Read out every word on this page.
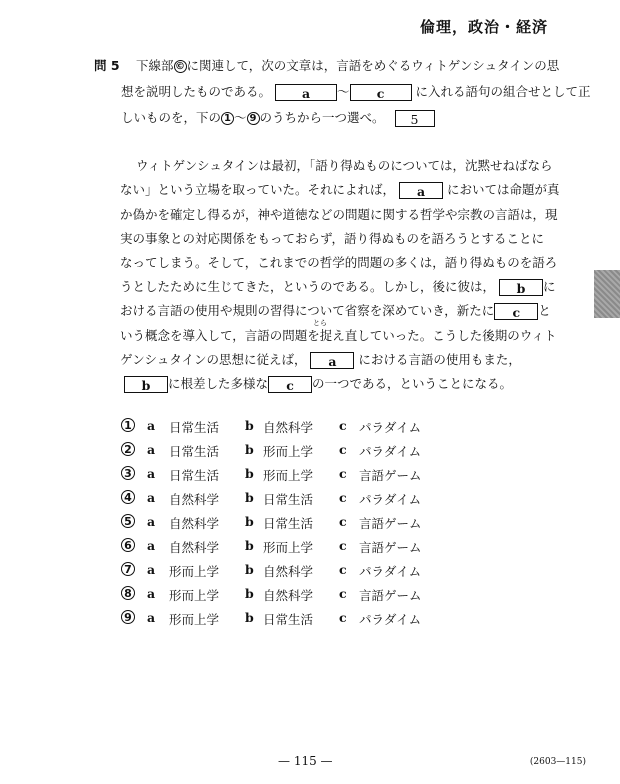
倫理，政治・経済
問 5 下線部 © に関連して，次の文章は，言語をめぐるウィトゲンシュタインの思
想を説明したものである。 a ～ c に入れる語句の組合せとして正
しいものを，下の 1 ～ 9 のうちから一つ選べ。 5
ウィトゲンシュタインは最初，「語り得ぬものについては，沈黙せねばなら
ない」という立場を取っていた。それによれば， a においては命題が真
か偽かを確定し得るが，神や道徳などの問題に関する哲学や宗教の言語は，現
実の事象との対応関係をもっておらず，語り得ぬものを語ろうとすることに
なってしまう。そして，これまでの哲学的問題の多くは，語り得ぬものを語ろ
うとしたために生じてきた，というのである。しかし，後に彼は， b に
おける言語の使用や規則の習得について省察を深めていき，新たに c と
とら
いう概念を導入して，言語の問題を捉え直していった。こうした後期のウィト
ゲンシュタインの思想に従えば， a における言語の使用もまた，
b に根差した多様な c の一つである，ということになる。
1 a 日常生活 b 自然科学 c パラダイム
2 a 日常生活 b 形而上学 c パラダイム
3 a 日常生活 b 形而上学 c 言語ゲーム
4 a 自然科学 b 日常生活 c パラダイム
5 a 自然科学 b 日常生活 c 言語ゲーム
6 a 自然科学 b 形而上学 c 言語ゲーム
7 a 形而上学 b 自然科学 c パラダイム
8 a 形而上学 b 自然科学 c 言語ゲーム
9 a 形而上学 b 日常生活 c パラダイム
— 115 —	(2603—115)
